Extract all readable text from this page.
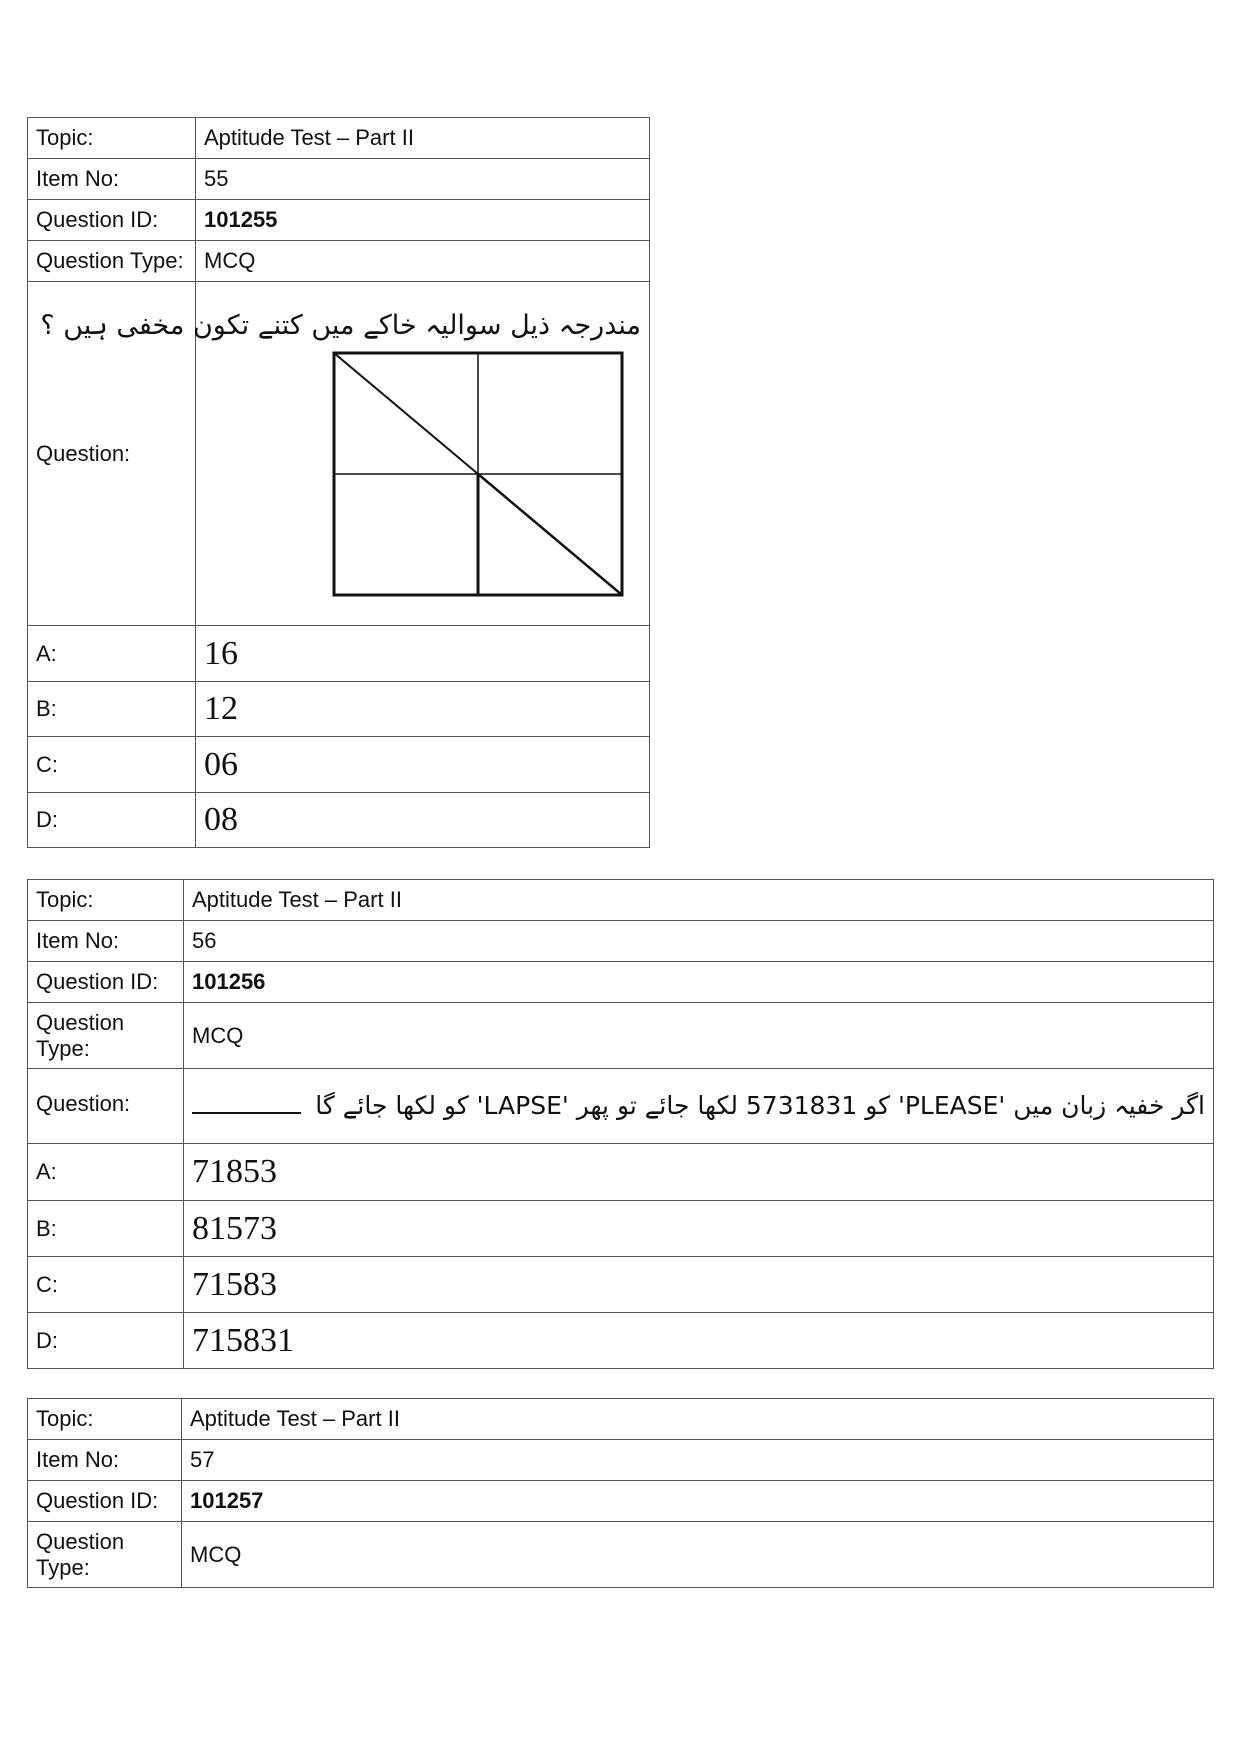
Topic:	Aptitude Test – Part II
Item No:	55
Question ID:	101255
Question Type:	MCQ
Question:	مندرجہ ذیل سوالیہ خاکے میں کتنے تکون مخفی ہیں ؟

A:	16
B:	12
C:	06
D:	08
Topic:	Aptitude Test – Part II
Item No:	56
Question ID:	101256

Question
Type:	MCQ
Question:	اگر خفیہ زبان میں 'PLEASE' کو 5731831 لکھا جائے تو پھر 'LAPSE' کو لکھا جائے گا

A:	71853
B:	81573
C:	71583
D:	715831
Topic:	Aptitude Test – Part II
Item No:	57
Question ID:	101257

Question
Type:	MCQ
